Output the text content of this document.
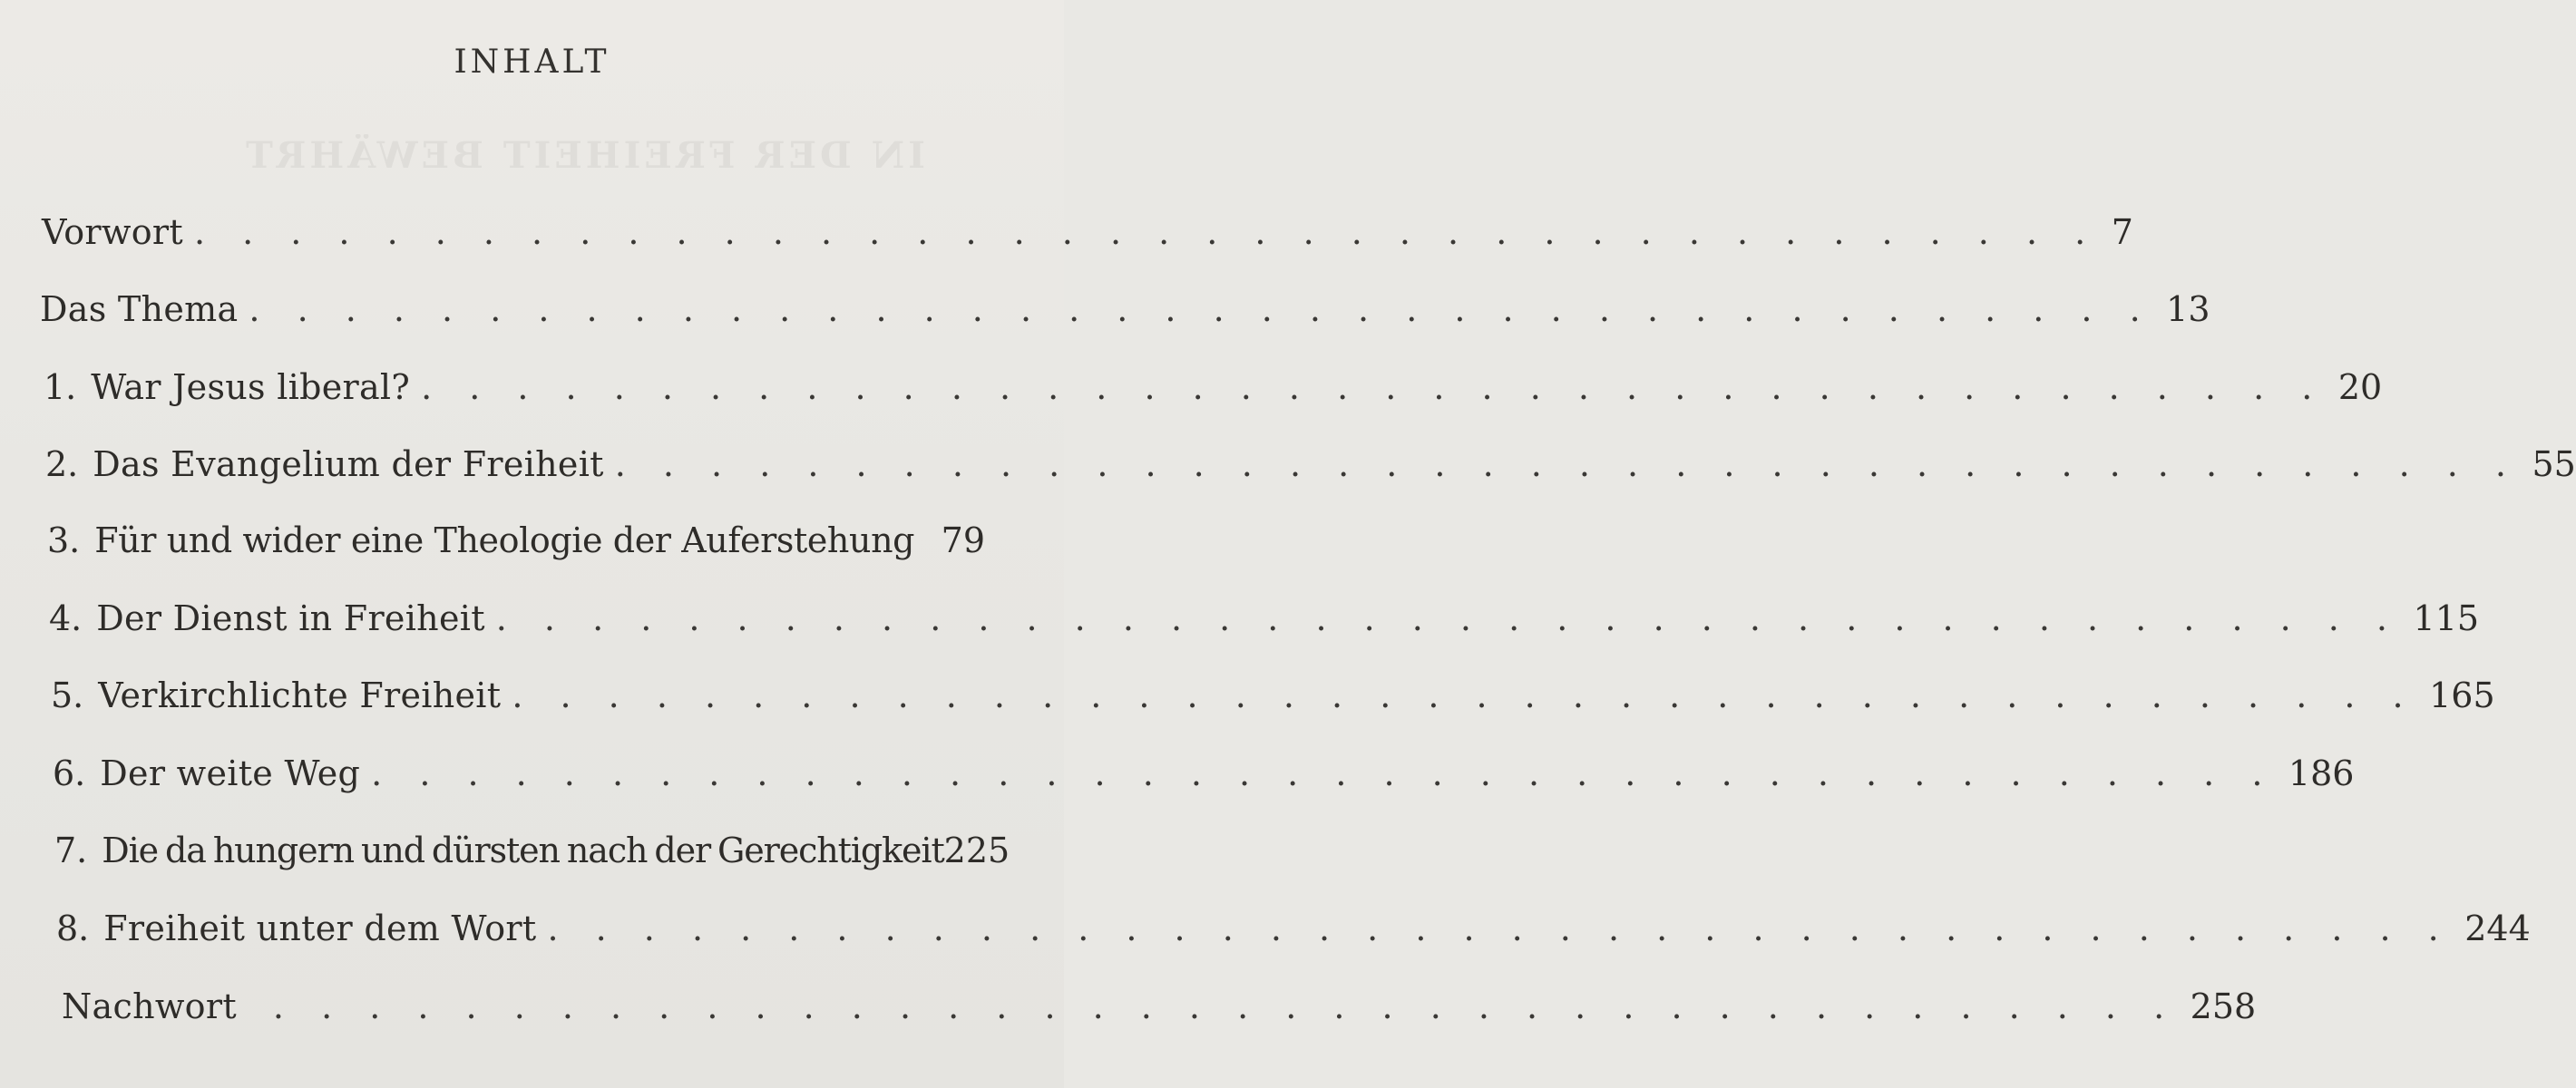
IN DER FREIHEIT BEWÄHRT
INHALT
Vorwort . . . . . . . . . . . . . . . . . . . . . . . . . . . . . . . . . . . . . . . . 7
Das Thema . . . . . . . . . . . . . . . . . . . . . . . . . . . . . . . . . . . . . . . . 13
1. War Jesus liberal? . . . . . . . . . . . . . . . . . . . . . . . . . . . . . . . . . . . . . . . . 20
2. Das Evangelium der Freiheit . . . . . . . . . . . . . . . . . . . . . . . . . . . . . . . . . . . . . . . . 55
3. Für und wider eine Theologie der Auferstehung 79
4. Der Dienst in Freiheit . . . . . . . . . . . . . . . . . . . . . . . . . . . . . . . . . . . . . . . . 115
5. Verkirchlichte Freiheit . . . . . . . . . . . . . . . . . . . . . . . . . . . . . . . . . . . . . . . . 165
6. Der weite Weg . . . . . . . . . . . . . . . . . . . . . . . . . . . . . . . . . . . . . . . . 186
7. Die da hungern und dürsten nach der Gerechtigkeit 225
8. Freiheit unter dem Wort . . . . . . . . . . . . . . . . . . . . . . . . . . . . . . . . . . . . . . . . 244
Nachwort . . . . . . . . . . . . . . . . . . . . . . . . . . . . . . . . . . . . . . . . 258
